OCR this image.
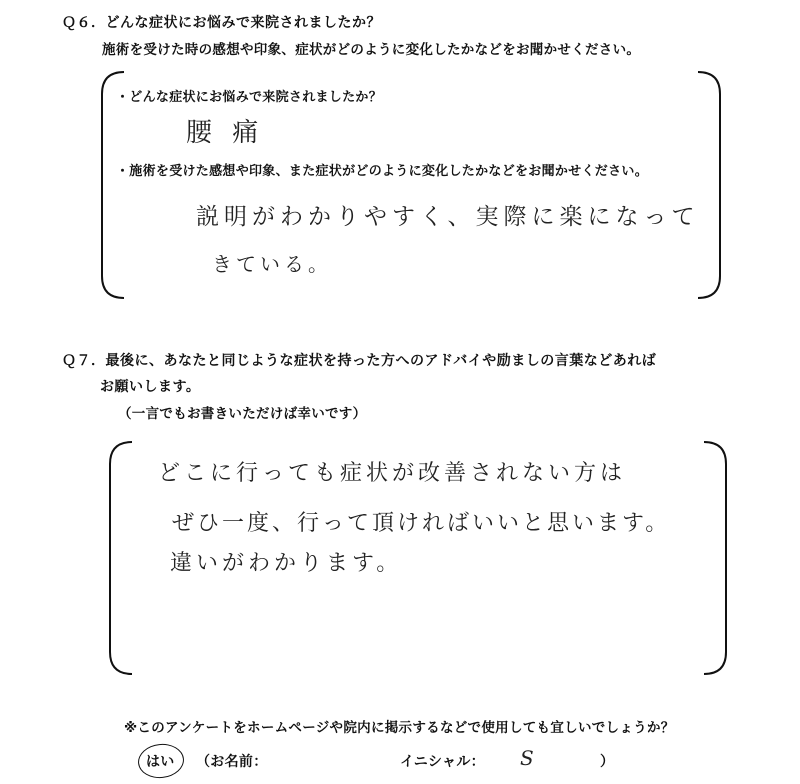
Ｑ６．どんな症状にお悩みで来院されましたか？
施術を受けた時の感想や印象、症状がどのように変化したかなどをお聞かせください。
・どんな症状にお悩みで来院されましたか？
腰 痛
・施術を受けた感想や印象、また症状がどのように変化したかなどをお聞かせください。
説明がわかりやすく、実際に楽になって
きている。
Ｑ７．最後に、あなたと同じような症状を持った方へのアドバイや励ましの言葉などあれば
お願いします。
（一言でもお書きいただけば幸いです）
どこに行っても症状が改善されない方は
ぜひ一度、行って頂ければいいと思います。
違いがわかります。
※このアンケートをホームページや院内に掲示するなどで使用しても宜しいでしょうか？
はい （お名前：	イニシャル： S	）
